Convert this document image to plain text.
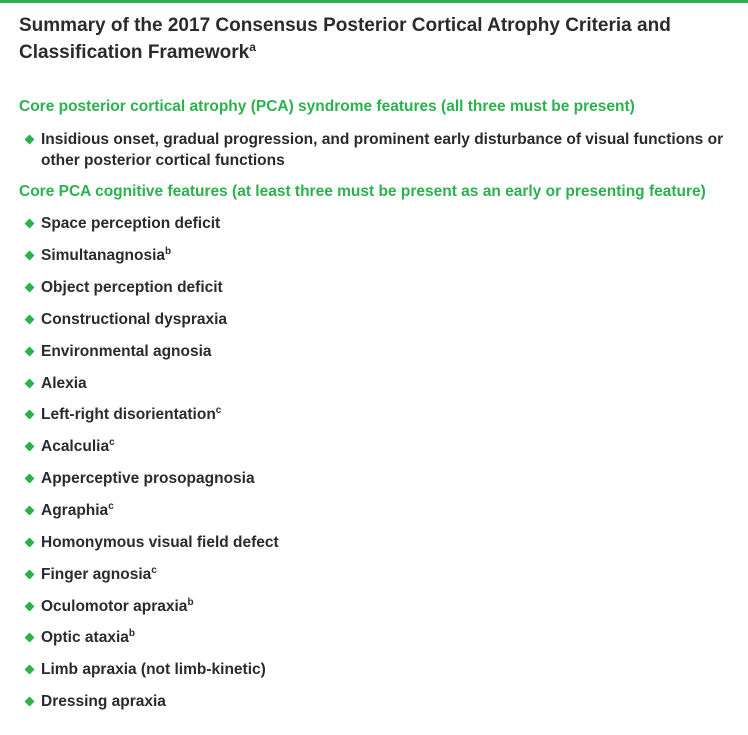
Summary of the 2017 Consensus Posterior Cortical Atrophy Criteria and Classification Framework$^a$
Core posterior cortical atrophy (PCA) syndrome features (all three must be present)
Insidious onset, gradual progression, and prominent early disturbance of visual functions or other posterior cortical functions
Core PCA cognitive features (at least three must be present as an early or presenting feature)
Space perception deficit
Simultanagnosia$^b$
Object perception deficit
Constructional dyspraxia
Environmental agnosia
Alexia
Left-right disorientation$^c$
Acalculia$^c$
Apperceptive prosopagnosia
Agraphia$^c$
Homonymous visual field defect
Finger agnosia$^c$
Oculomotor apraxia$^b$
Optic ataxia$^b$
Limb apraxia (not limb-kinetic)
Dressing apraxia
